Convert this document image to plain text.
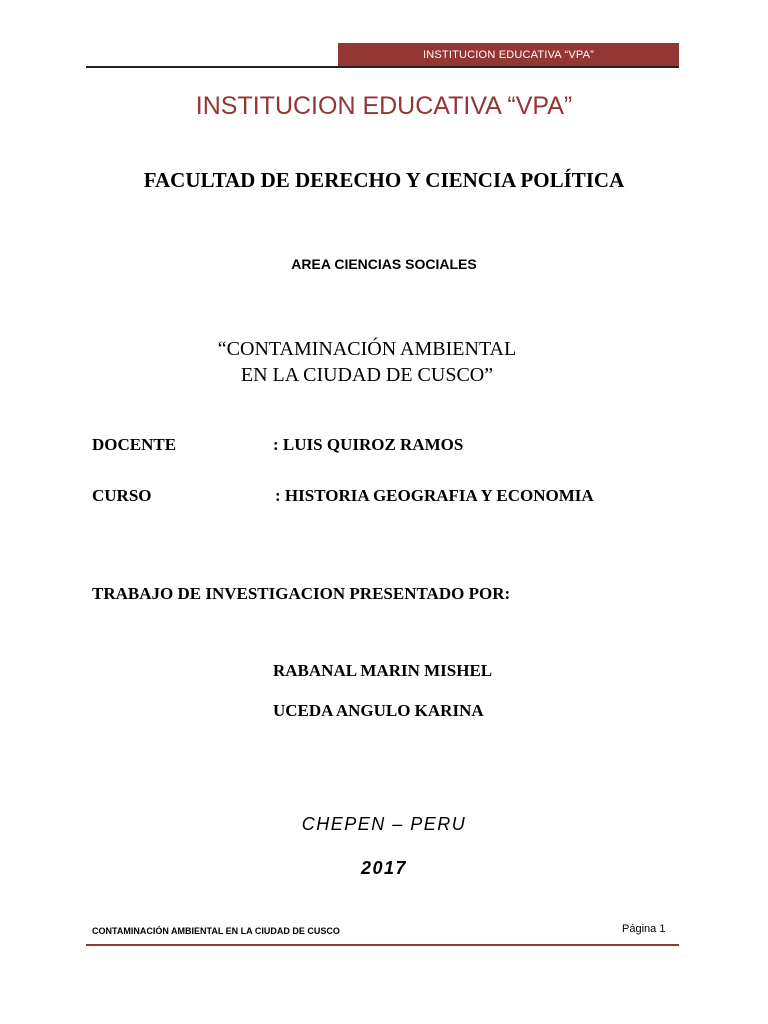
INSTITUCION EDUCATIVA “VPA”
INSTITUCION EDUCATIVA “VPA”
FACULTAD DE DERECHO Y CIENCIA POLÍTICA
AREA CIENCIAS SOCIALES
“CONTAMINACIÓN AMBIENTAL
EN LA CIUDAD DE CUSCO”
DOCENTE	: LUIS QUIROZ RAMOS
CURSO	: HISTORIA GEOGRAFIA Y ECONOMIA
TRABAJO DE INVESTIGACION PRESENTADO POR:
RABANAL MARIN MISHEL
UCEDA ANGULO KARINA
CHEPEN – PERU
2017
CONTAMINACIÓN AMBIENTAL EN LA CIUDAD DE CUSCO	Página 1
